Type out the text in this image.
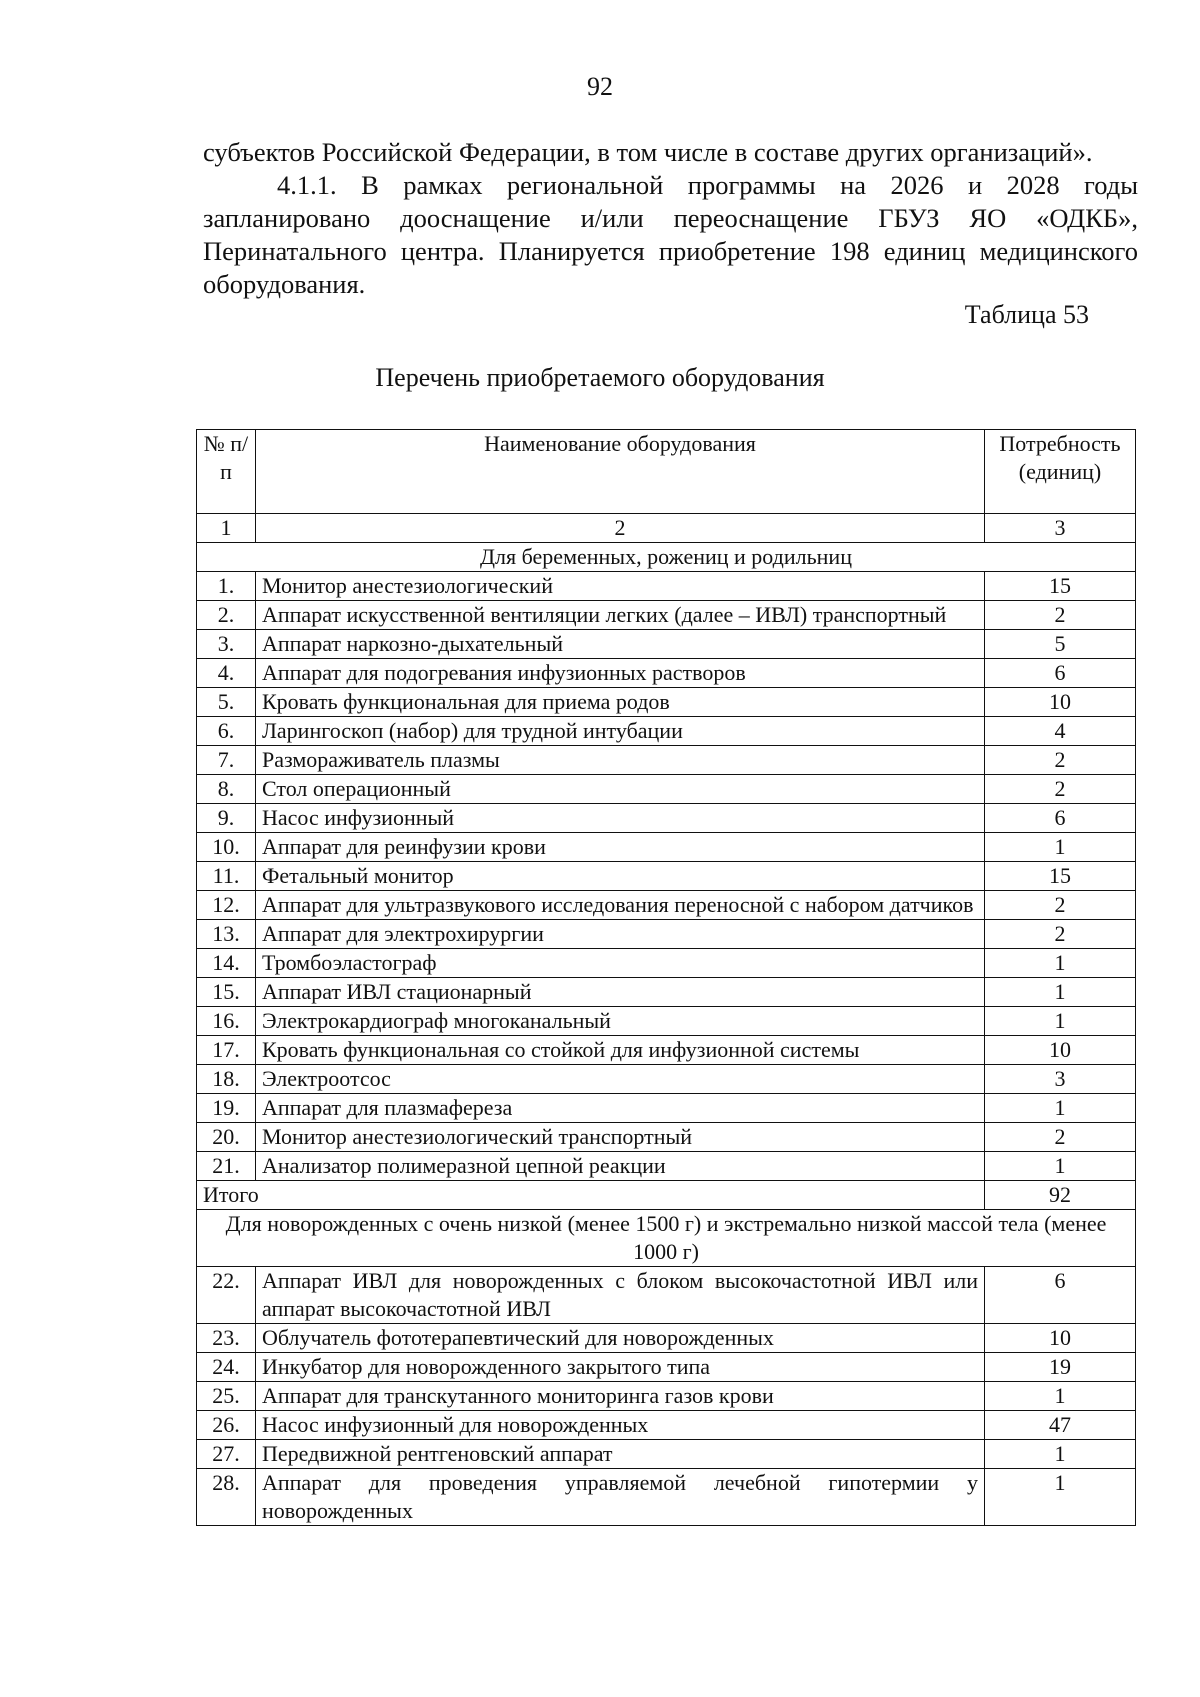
92
субъектов Российской Федерации, в том числе в составе других организаций».
4.1.1. В рамках региональной программы на 2026 и 2028 годы запланировано дооснащение и/или переоснащение ГБУЗ ЯО «ОДКБ», Перинатального центра. Планируется приобретение 198 единиц медицинского оборудования.
Таблица 53
Перечень приобретаемого оборудования
№ п/п	Наименование оборудования	Потребность (единиц)
1	2	3
Для беременных, рожениц и родильниц		
1.	Монитор анестезиологический	15
2.	Аппарат искусственной вентиляции легких (далее – ИВЛ) транспортный	2
3.	Аппарат наркозно-дыхательный	5
4.	Аппарат для подогревания инфузионных растворов	6
5.	Кровать функциональная для приема родов	10
6.	Ларингоскоп (набор) для трудной интубации	4
7.	Размораживатель плазмы	2
8.	Стол операционный	2
9.	Насос инфузионный	6
10.	Аппарат для реинфузии крови	1
11.	Фетальный монитор	15
12.	Аппарат для ультразвукового исследования переносной с набором датчиков	2
13.	Аппарат для электрохирургии	2
14.	Тромбоэластограф	1
15.	Аппарат ИВЛ стационарный	1
16.	Электрокардиограф многоканальный	1
17.	Кровать функциональная со стойкой для инфузионной системы	10
18.	Электроотсос	3
19.	Аппарат для плазмафереза	1
20.	Монитор анестезиологический транспортный	2
21.	Анализатор полимеразной цепной реакции	1
Итого		92
Для новорожденных с очень низкой (менее 1500 г) и экстремально низкой массой тела (менее 1000 г)		
22.	Аппарат ИВЛ для новорожденных с блоком высокочастотной ИВЛ или аппарат высокочастотной ИВЛ	6
23.	Облучатель фототерапевтический для новорожденных	10
24.	Инкубатор для новорожденного закрытого типа	19
25.	Аппарат для транскутанного мониторинга газов крови	1
26.	Насос инфузионный для новорожденных	47
27.	Передвижной рентгеновский аппарат	1
28.	Аппарат для проведения управляемой лечебной гипотермии у новорожденных	1
